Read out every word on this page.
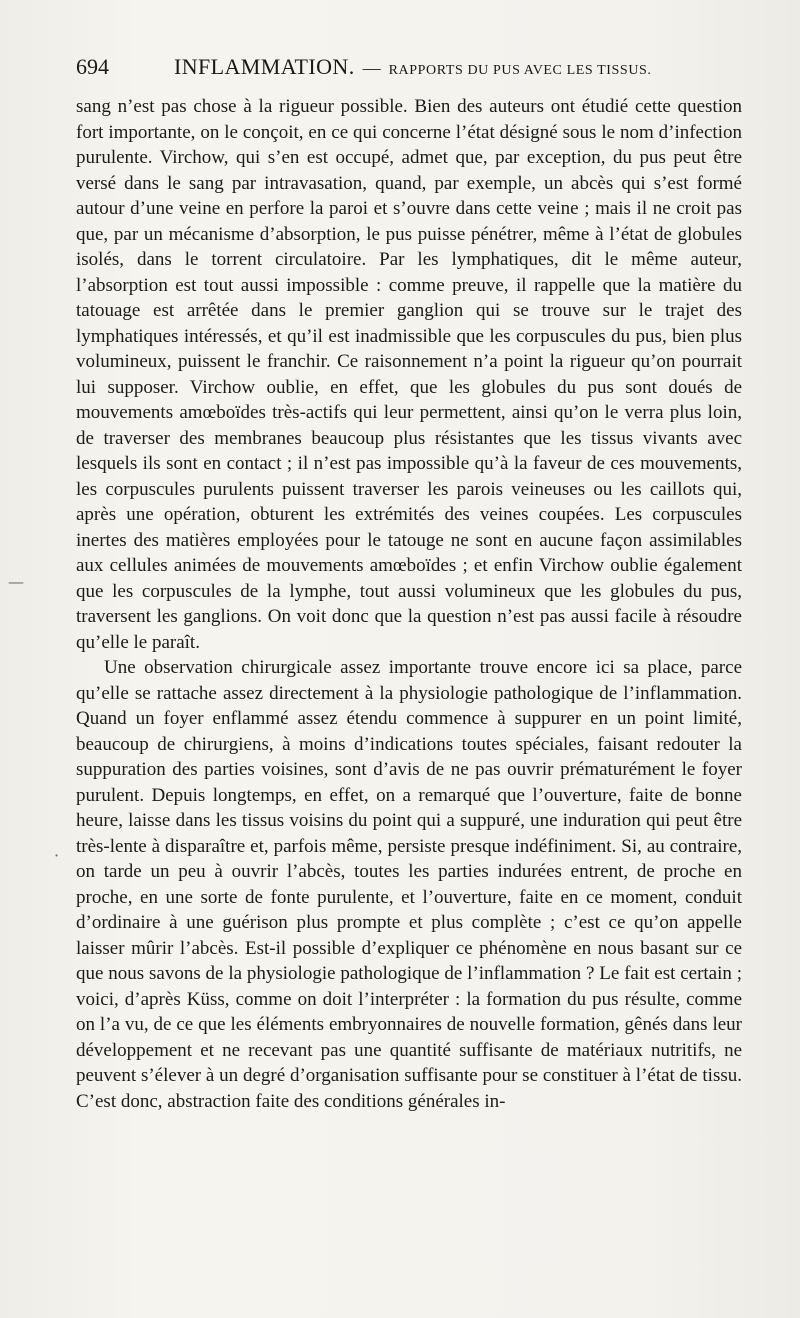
694	INFLAMMATION. — RAPPORTS DU PUS AVEC LES TISSUS.

sang n’est pas chose à la rigueur possible. Bien des auteurs ont étudié cette question fort importante, on le conçoit, en ce qui concerne l’état désigné sous le nom d’infection purulente. Virchow, qui s’en est occupé, admet que, par exception, du pus peut être versé dans le sang par intravasation, quand, par exemple, un abcès qui s’est formé autour d’une veine en perfore la paroi et s’ouvre dans cette veine ; mais il ne croit pas que, par un mécanisme d’absorption, le pus puisse pénétrer, même à l’état de globules isolés, dans le torrent circulatoire. Par les lymphatiques, dit le même auteur, l’absorption est tout aussi impossible : comme preuve, il rappelle que la matière du tatouage est arrêtée dans le premier ganglion qui se trouve sur le trajet des lymphatiques intéressés, et qu’il est inadmissible que les corpuscules du pus, bien plus volumineux, puissent le franchir. Ce raisonnement n’a point la rigueur qu’on pourrait lui supposer. Virchow oublie, en effet, que les globules du pus sont doués de mouvements amœboïdes très-actifs qui leur permettent, ainsi qu’on le verra plus loin, de traverser des membranes beaucoup plus résistantes que les tissus vivants avec lesquels ils sont en contact ; il n’est pas impossible qu’à la faveur de ces mouvements, les corpuscules purulents puissent traverser les parois veineuses ou les caillots qui, après une opération, obturent les extrémités des veines coupées. Les corpuscules inertes des matières employées pour le tatouge ne sont en aucune façon assimilables aux cellules animées de mouvements amœboïdes ; et enfin Virchow oublie également que les corpuscules de la lymphe, tout aussi volumineux que les globules du pus, traversent les ganglions. On voit donc que la question n’est pas aussi facile à résoudre qu’elle le paraît.

Une observation chirurgicale assez importante trouve encore ici sa place, parce qu’elle se rattache assez directement à la physiologie pathologique de l’inflammation. Quand un foyer enflammé assez étendu commence à suppurer en un point limité, beaucoup de chirurgiens, à moins d’indications toutes spéciales, faisant redouter la suppuration des parties voisines, sont d’avis de ne pas ouvrir prématurément le foyer purulent. Depuis longtemps, en effet, on a remarqué que l’ouverture, faite de bonne heure, laisse dans les tissus voisins du point qui a suppuré, une induration qui peut être très-lente à disparaître et, parfois même, persiste presque indéfiniment. Si, au contraire, on tarde un peu à ouvrir l’abcès, toutes les parties indurées entrent, de proche en proche, en une sorte de fonte purulente, et l’ouverture, faite en ce moment, conduit d’ordinaire à une guérison plus prompte et plus complète ; c’est ce qu’on appelle laisser mûrir l’abcès. Est-il possible d’expliquer ce phénomène en nous basant sur ce que nous savons de la physiologie pathologique de l’inflammation ? Le fait est certain ; voici, d’après Küss, comme on doit l’interpréter : la formation du pus résulte, comme on l’a vu, de ce que les éléments embryonnaires de nouvelle formation, gênés dans leur développement et ne recevant pas une quantité suffisante de matériaux nutritifs, ne peuvent s’élever à un degré d’organisation suffisante pour se constituer à l’état de tissu. C’est donc, abstraction faite des conditions générales in-

—
·
